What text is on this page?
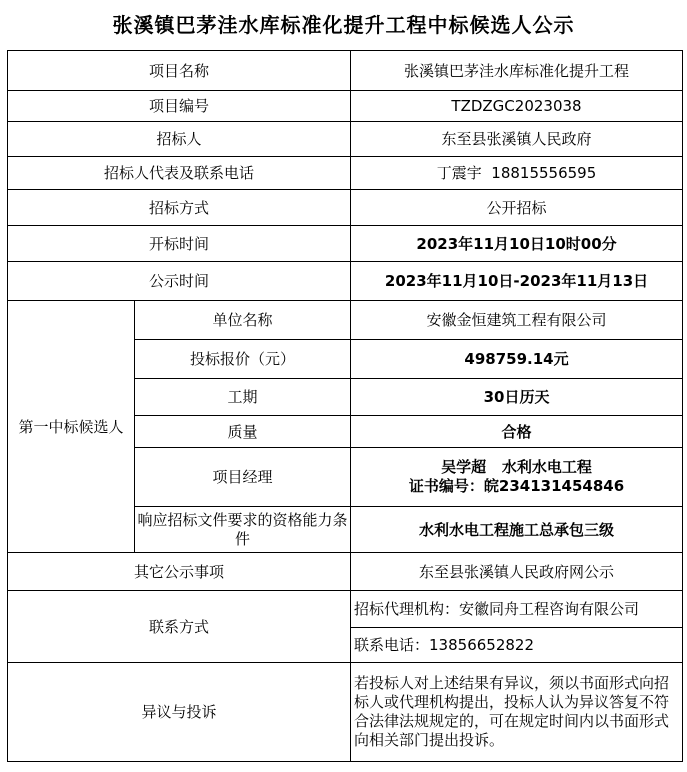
张溪镇巴茅洼水库标准化提升工程中标候选人公示
项目名称		张溪镇巴茅洼水库标准化提升工程
项目编号		TZDZGC2023038
招标人		东至县张溪镇人民政府
招标人代表及联系电话		丁震宇  18815556595
招标方式		公开招标
开标时间		2023年11月10日10时00分
公示时间		2023年11月10日-2023年11月13日
第一中标候选人	单位名称	安徽金恒建筑工程有限公司
	投标报价（元）	498759.14元
	工期	30日历天
	质量	合格
	项目经理	吴学超   水利水电工程
证书编号：皖234131454846

	响应招标文件要求的资格能力条件	水利水电工程施工总承包三级
其它公示事项		东至县张溪镇人民政府网公示
联系方式		招标代理机构：安徽同舟工程咨询有限公司
		联系电话：13856652822
异议与投诉		若投标人对上述结果有异议，须以书面形式向招标人或代理机构提出，投标人认为异议答复不符合法律法规规定的，可在规定时间内以书面形式向相关部门提出投诉。
